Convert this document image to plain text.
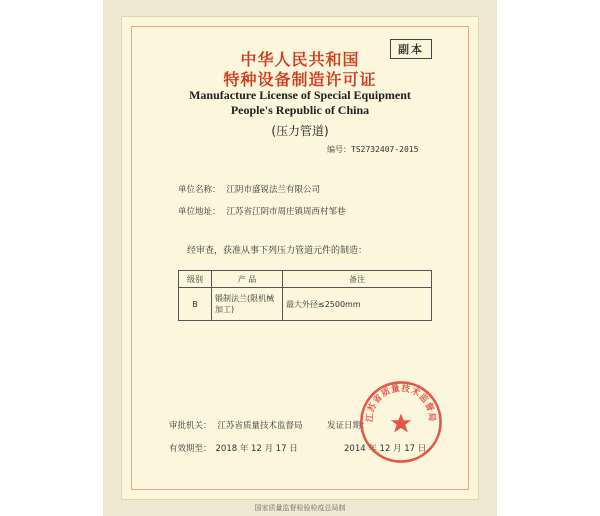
副本
中华人民共和国
特种设备制造许可证
Manufacture License of Special Equipment
People's Republic of China
(压力管道)
编号：TS2732407-2015
单位名称： 江阴市盛锐法兰有限公司
单位地址： 江苏省江阴市周庄镇周西村邹巷
经审查，获准从事下列压力管道元件的制造：
级别	产 品	备注
B	锻制法兰(限机械加工)	最大外径≤2500mm
审批机关： 江苏省质量技术监督局	发证日期：
有效期至： 2018 年 12 月 17 日	2014 年 12 月 17 日
江苏省质量技术监督局
国家质量监督检验检疫总局制
